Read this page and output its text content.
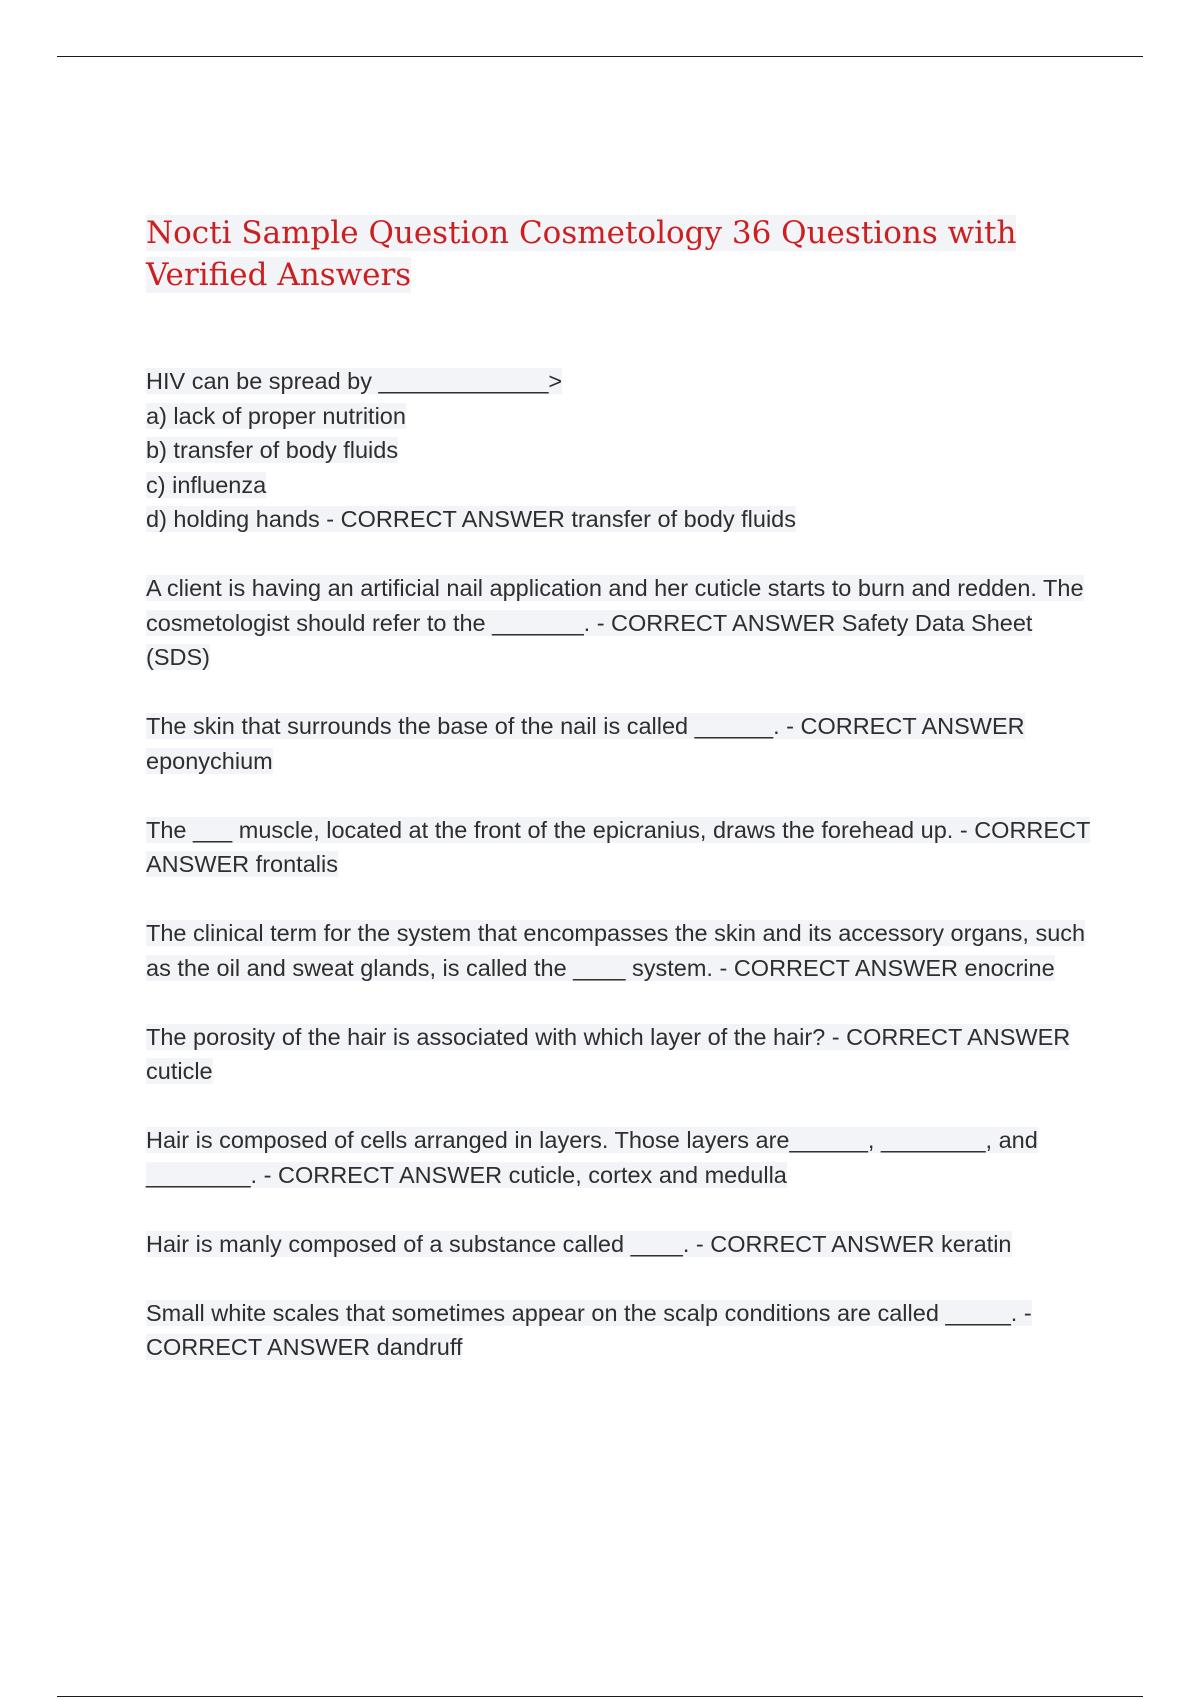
Nocti Sample Question Cosmetology 36 Questions with Verified Answers
HIV can be spread by _____________>
a) lack of proper nutrition
b) transfer of body fluids
c) influenza
d) holding hands - CORRECT ANSWER transfer of body fluids

A client is having an artificial nail application and her cuticle starts to burn and redden. The cosmetologist should refer to the _______. - CORRECT ANSWER Safety Data Sheet (SDS)

The skin that surrounds the base of the nail is called ______. - CORRECT ANSWER eponychium

The ___ muscle, located at the front of the epicranius, draws the forehead up. - CORRECT ANSWER frontalis

The clinical term for the system that encompasses the skin and its accessory organs, such as the oil and sweat glands, is called the ____ system. - CORRECT ANSWER enocrine

The porosity of the hair is associated with which layer of the hair? - CORRECT ANSWER cuticle

Hair is composed of cells arranged in layers. Those layers are______, ________, and ________. - CORRECT ANSWER cuticle, cortex and medulla

Hair is manly composed of a substance called ____. - CORRECT ANSWER keratin

Small white scales that sometimes appear on the scalp conditions are called _____. - CORRECT ANSWER dandruff
